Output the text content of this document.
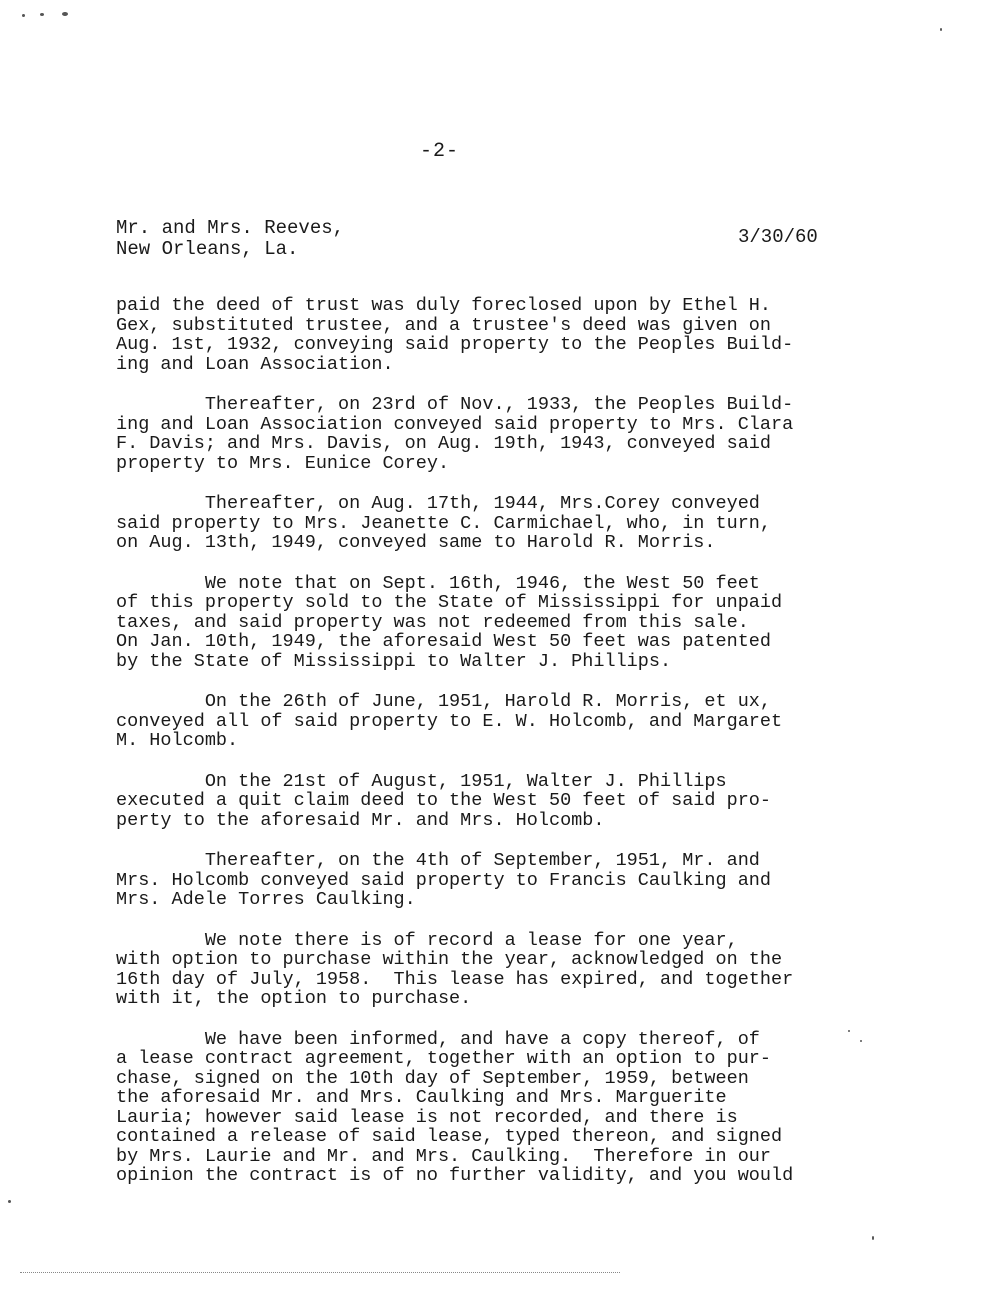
-2-
Mr. and Mrs. Reeves,
New Orleans, La.
3/30/60

paid the deed of trust was duly foreclosed upon by Ethel H.
Gex, substituted trustee, and a trustee's deed was given on
Aug. 1st, 1932, conveying said property to the Peoples Build-
ing and Loan Association.

Thereafter, on 23rd of Nov., 1933, the Peoples Build-
ing and Loan Association conveyed said property to Mrs. Clara
F. Davis; and Mrs. Davis, on Aug. 19th, 1943, conveyed said
property to Mrs. Eunice Corey.

Thereafter, on Aug. 17th, 1944, Mrs.Corey conveyed
said property to Mrs. Jeanette C. Carmichael, who, in turn,
on Aug. 13th, 1949, conveyed same to Harold R. Morris.

We note that on Sept. 16th, 1946, the West 50 feet
of this property sold to the State of Mississippi for unpaid
taxes, and said property was not redeemed from this sale.
On Jan. 10th, 1949, the aforesaid West 50 feet was patented
by the State of Mississippi to Walter J. Phillips.

On the 26th of June, 1951, Harold R. Morris, et ux,
conveyed all of said property to E. W. Holcomb, and Margaret
M. Holcomb.

On the 21st of August, 1951, Walter J. Phillips
executed a quit claim deed to the West 50 feet of said pro-
perty to the aforesaid Mr. and Mrs. Holcomb.

Thereafter, on the 4th of September, 1951, Mr. and
Mrs. Holcomb conveyed said property to Francis Caulking and
Mrs. Adele Torres Caulking.

We note there is of record a lease for one year,
with option to purchase within the year, acknowledged on the
16th day of July, 1958.  This lease has expired, and together
with it, the option to purchase.

We have been informed, and have a copy thereof, of
a lease contract agreement, together with an option to pur-
chase, signed on the 10th day of September, 1959, between
the aforesaid Mr. and Mrs. Caulking and Mrs. Marguerite
Lauria; however said lease is not recorded, and there is
contained a release of said lease, typed thereon, and signed
by Mrs. Laurie and Mr. and Mrs. Caulking.  Therefore in our
opinion the contract is of no further validity, and you would
